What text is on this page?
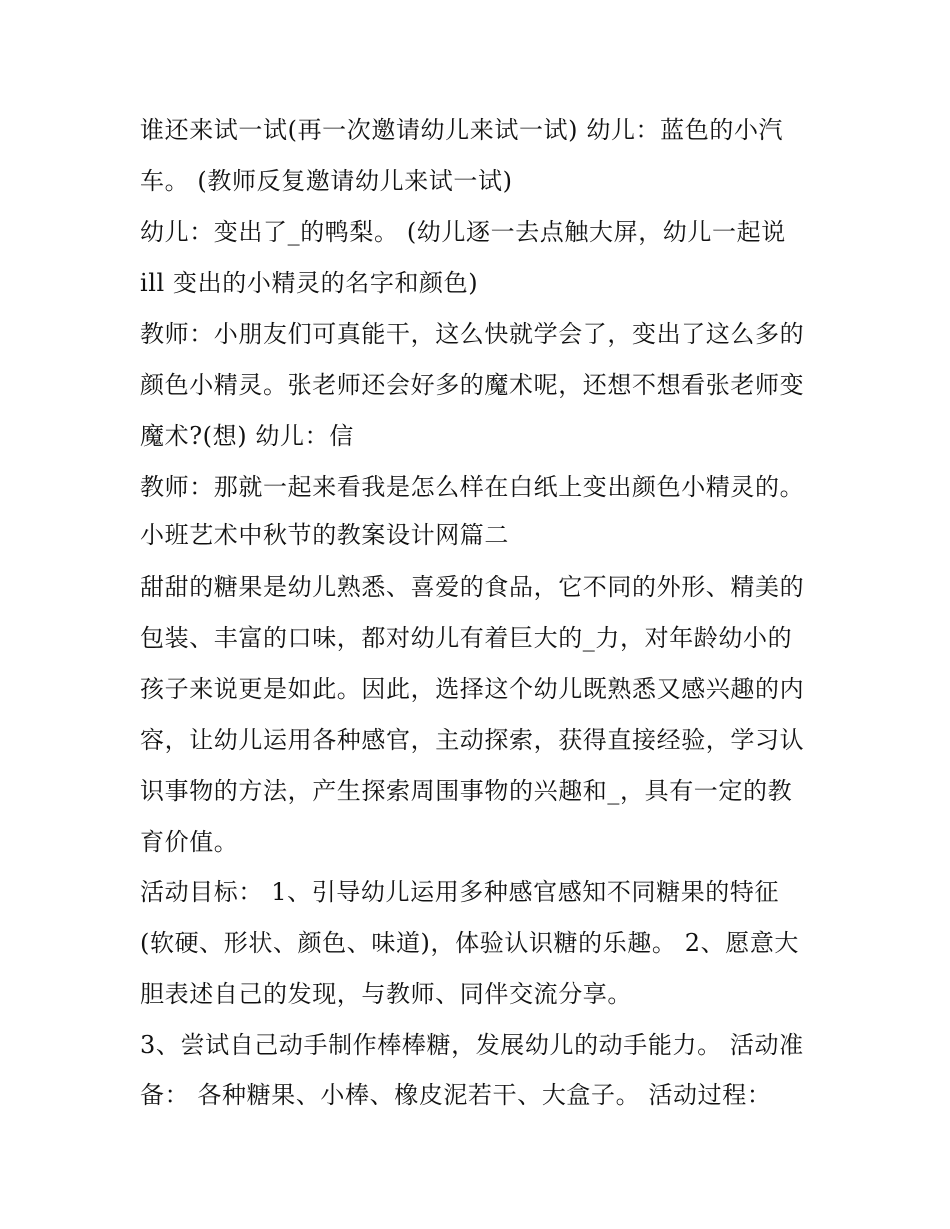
谁还来试一试(再一次邀请幼儿来试一试) 幼儿：蓝色的小汽
车。 (教师反复邀请幼儿来试一试)
幼儿：变出了_的鸭梨。 (幼儿逐一去点触大屏，幼儿一起说
ill 变出的小精灵的名字和颜色)
教师：小朋友们可真能干，这么快就学会了，变出了这么多的
颜色小精灵。张老师还会好多的魔术呢，还想不想看张老师变
魔术?(想) 幼儿：信
教师：那就一起来看我是怎么样在白纸上变出颜色小精灵的。
小班艺术中秋节的教案设计网篇二
甜甜的糖果是幼儿熟悉、喜爱的食品，它不同的外形、精美的
包装、丰富的口味，都对幼儿有着巨大的_力，对年龄幼小的
孩子来说更是如此。因此，选择这个幼儿既熟悉又感兴趣的内
容，让幼儿运用各种感官，主动探索，获得直接经验，学习认
识事物的方法，产生探索周围事物的兴趣和_，具有一定的教
育价值。
活动目标： 1、引导幼儿运用多种感官感知不同糖果的特征
(软硬、形状、颜色、味道)，体验认识糖的乐趣。 2、愿意大
胆表述自己的发现，与教师、同伴交流分享。
3、尝试自己动手制作棒棒糖，发展幼儿的动手能力。 活动准
备： 各种糖果、小棒、橡皮泥若干、大盒子。 活动过程：
